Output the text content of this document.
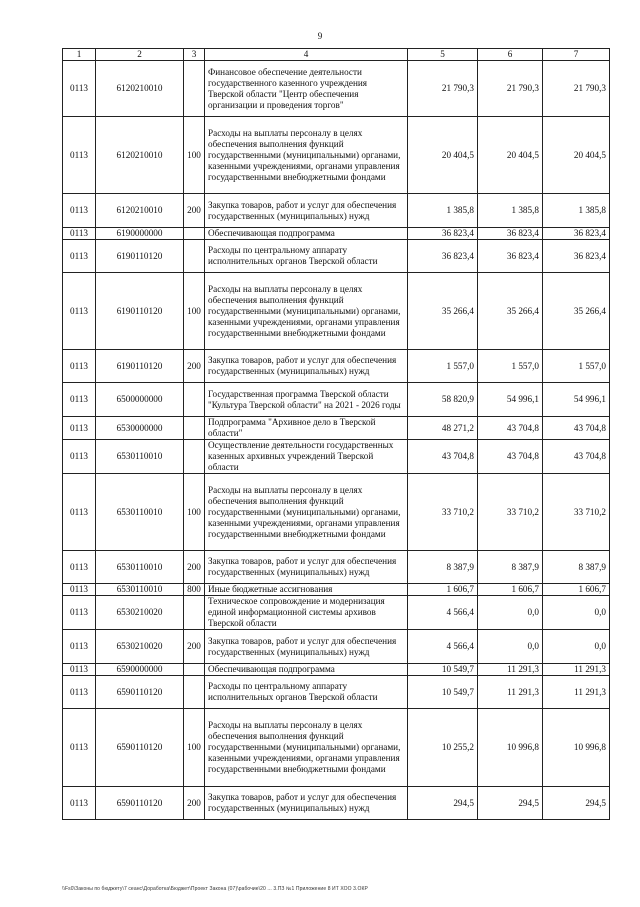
9
1	2	3	4	5	6	7
0113	6120210010		Финансовое обеспечение деятельности государственного казенного учреждения Тверской области "Центр обеспечения организации и проведения торгов"	21 790,3	21 790,3	21 790,3
0113	6120210010	100	Расходы на выплаты персоналу в целях обеспечения выполнения функций государственными (муниципальными) органами, казенными учреждениями, органами управления государственными внебюджетными фондами	20 404,5	20 404,5	20 404,5
0113	6120210010	200	Закупка товаров, работ и услуг для обеспечения государственных (муниципальных) нужд	1 385,8	1 385,8	1 385,8
0113	6190000000		Обеспечивающая подпрограмма	36 823,4	36 823,4	36 823,4
0113	6190110120		Расходы по центральному аппарату исполнительных органов Тверской области	36 823,4	36 823,4	36 823,4
0113	6190110120	100	Расходы на выплаты персоналу в целях обеспечения выполнения функций государственными (муниципальными) органами, казенными учреждениями, органами управления государственными внебюджетными фондами	35 266,4	35 266,4	35 266,4
0113	6190110120	200	Закупка товаров, работ и услуг для обеспечения государственных (муниципальных) нужд	1 557,0	1 557,0	1 557,0
0113	6500000000		Государственная программа Тверской области "Культура Тверской области" на 2021 - 2026 годы	58 820,9	54 996,1	54 996,1
0113	6530000000		Подпрограмма "Архивное дело в Тверской области"	48 271,2	43 704,8	43 704,8
0113	6530110010		Осуществление деятельности государственных казенных архивных учреждений Тверской области	43 704,8	43 704,8	43 704,8
0113	6530110010	100	Расходы на выплаты персоналу в целях обеспечения выполнения функций государственными (муниципальными) органами, казенными учреждениями, органами управления государственными внебюджетными фондами	33 710,2	33 710,2	33 710,2
0113	6530110010	200	Закупка товаров, работ и услуг для обеспечения государственных (муниципальных) нужд	8 387,9	8 387,9	8 387,9
0113	6530110010	800	Иные бюджетные ассигнования	1 606,7	1 606,7	1 606,7
0113	6530210020		Техническое сопровождение и модернизация единой информационной системы архивов Тверской области	4 566,4	0,0	0,0
0113	6530210020	200	Закупка товаров, работ и услуг для обеспечения государственных (муниципальных) нужд	4 566,4	0,0	0,0
0113	6590000000		Обеспечивающая подпрограмма	10 549,7	11 291,3	11 291,3
0113	6590110120		Расходы по центральному аппарату исполнительных органов Тверской области	10 549,7	11 291,3	11 291,3
0113	6590110120	100	Расходы на выплаты персоналу в целях обеспечения выполнения функций государственными (муниципальными) органами, казенными учреждениями, органами управления государственными внебюджетными фондами	10 255,2	10 996,8	10 996,8
0113	6590110120	200	Закупка товаров, работ и услуг для обеспечения государственных (муниципальных) нужд	294,5	294,5	294,5
\\Fs0\Законы по бюджету\7 сеанс\Доработка\Бюджет\Проект Закона (07)\рабочие\20 ... 3.ПЗ №1 Приложение 8 ИТ ХОО 3.ОКР
